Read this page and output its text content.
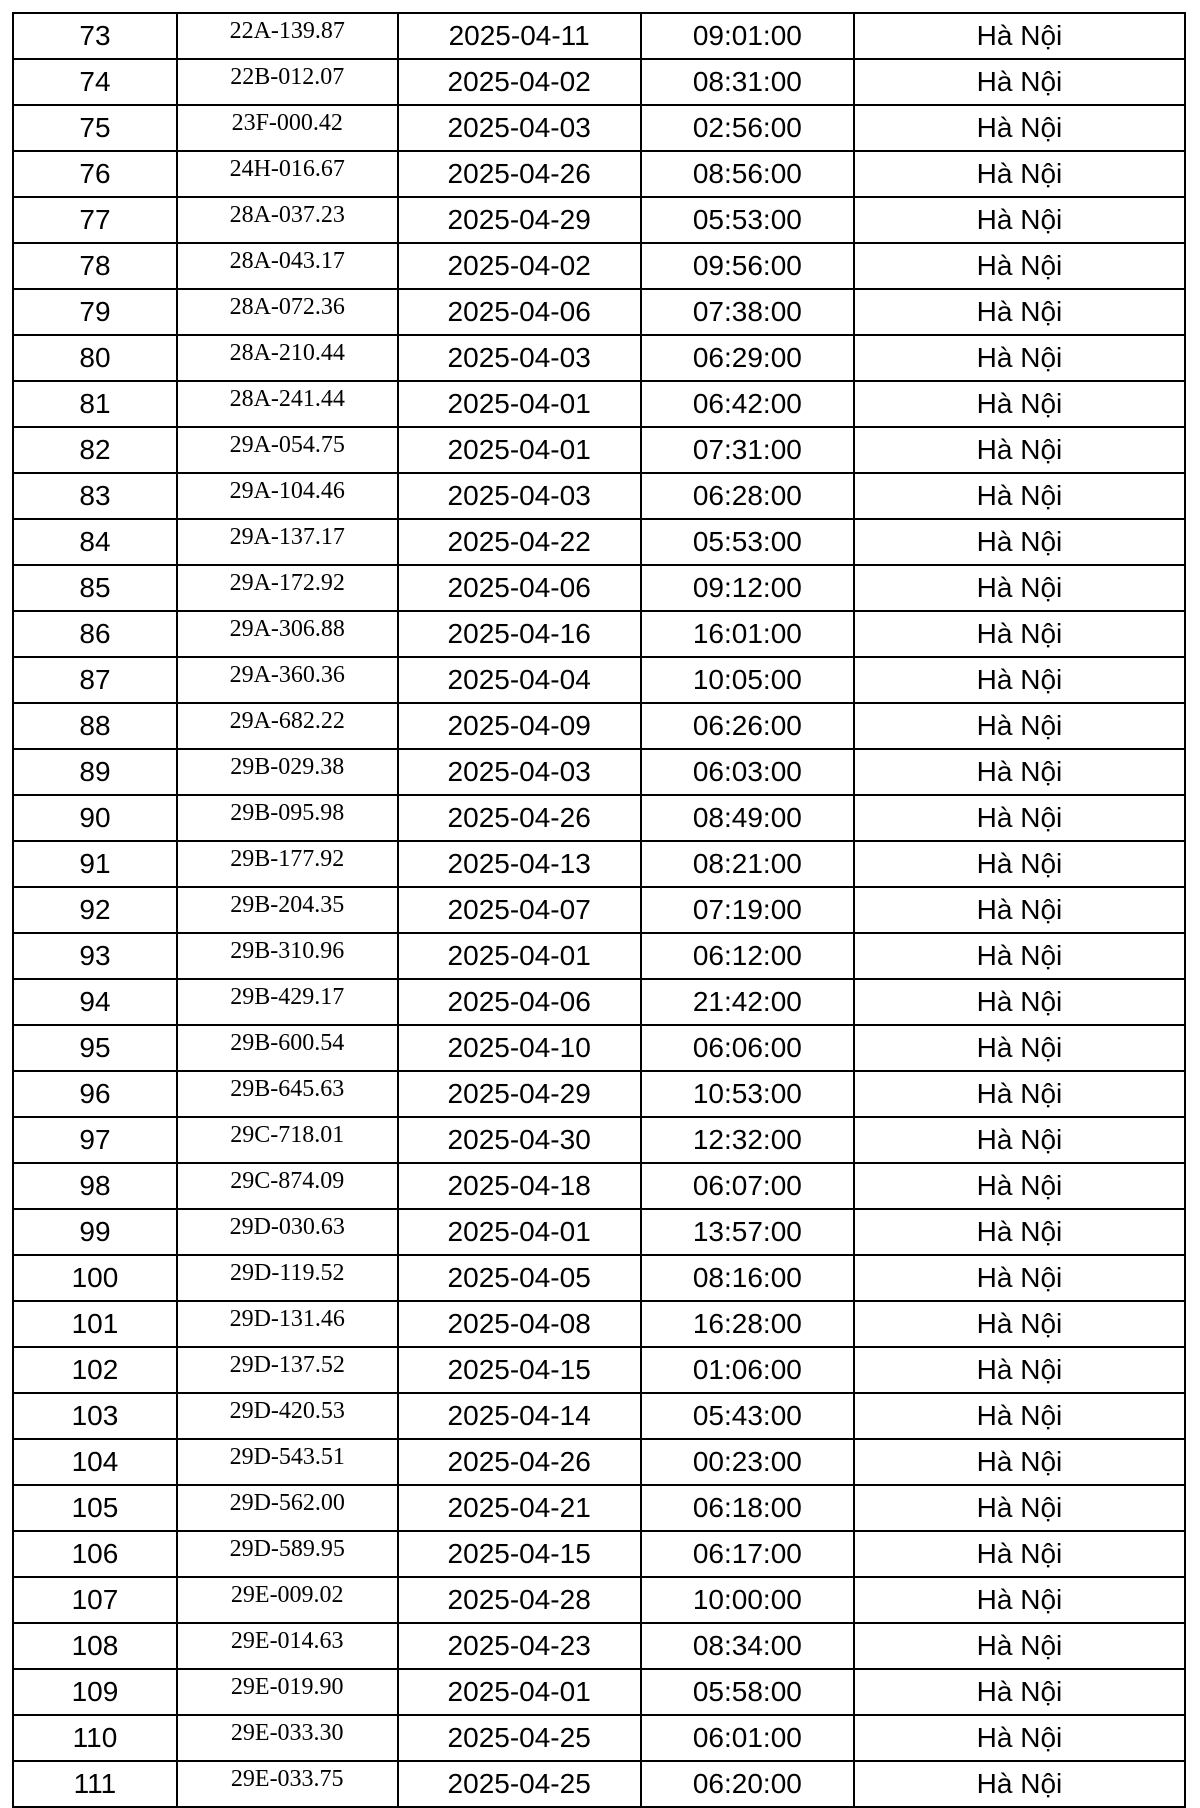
73	22A-139.87	2025-04-11	09:01:00	Hà Nội
74	22B-012.07	2025-04-02	08:31:00	Hà Nội
75	23F-000.42	2025-04-03	02:56:00	Hà Nội
76	24H-016.67	2025-04-26	08:56:00	Hà Nội
77	28A-037.23	2025-04-29	05:53:00	Hà Nội
78	28A-043.17	2025-04-02	09:56:00	Hà Nội
79	28A-072.36	2025-04-06	07:38:00	Hà Nội
80	28A-210.44	2025-04-03	06:29:00	Hà Nội
81	28A-241.44	2025-04-01	06:42:00	Hà Nội
82	29A-054.75	2025-04-01	07:31:00	Hà Nội
83	29A-104.46	2025-04-03	06:28:00	Hà Nội
84	29A-137.17	2025-04-22	05:53:00	Hà Nội
85	29A-172.92	2025-04-06	09:12:00	Hà Nội
86	29A-306.88	2025-04-16	16:01:00	Hà Nội
87	29A-360.36	2025-04-04	10:05:00	Hà Nội
88	29A-682.22	2025-04-09	06:26:00	Hà Nội
89	29B-029.38	2025-04-03	06:03:00	Hà Nội
90	29B-095.98	2025-04-26	08:49:00	Hà Nội
91	29B-177.92	2025-04-13	08:21:00	Hà Nội
92	29B-204.35	2025-04-07	07:19:00	Hà Nội
93	29B-310.96	2025-04-01	06:12:00	Hà Nội
94	29B-429.17	2025-04-06	21:42:00	Hà Nội
95	29B-600.54	2025-04-10	06:06:00	Hà Nội
96	29B-645.63	2025-04-29	10:53:00	Hà Nội
97	29C-718.01	2025-04-30	12:32:00	Hà Nội
98	29C-874.09	2025-04-18	06:07:00	Hà Nội
99	29D-030.63	2025-04-01	13:57:00	Hà Nội
100	29D-119.52	2025-04-05	08:16:00	Hà Nội
101	29D-131.46	2025-04-08	16:28:00	Hà Nội
102	29D-137.52	2025-04-15	01:06:00	Hà Nội
103	29D-420.53	2025-04-14	05:43:00	Hà Nội
104	29D-543.51	2025-04-26	00:23:00	Hà Nội
105	29D-562.00	2025-04-21	06:18:00	Hà Nội
106	29D-589.95	2025-04-15	06:17:00	Hà Nội
107	29E-009.02	2025-04-28	10:00:00	Hà Nội
108	29E-014.63	2025-04-23	08:34:00	Hà Nội
109	29E-019.90	2025-04-01	05:58:00	Hà Nội
110	29E-033.30	2025-04-25	06:01:00	Hà Nội
111	29E-033.75	2025-04-25	06:20:00	Hà Nội
